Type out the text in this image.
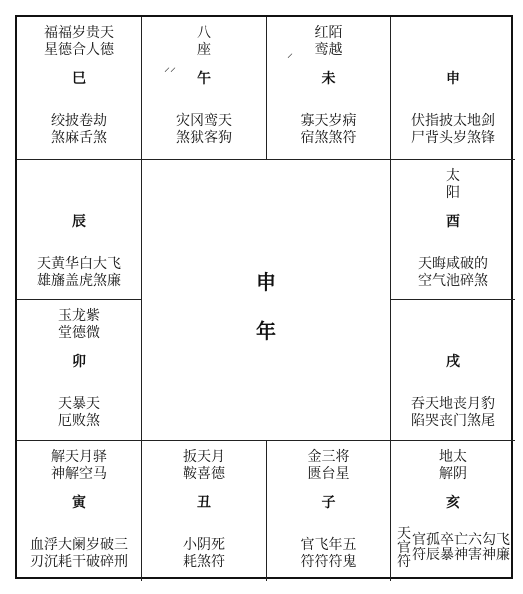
福福岁贵天
星德合人德
巳
绞披卷劫
煞麻舌煞
八
座
⸝⸝
午
灾冈鸾天
煞狱客狗
红陌
鸾越
⸝
未
寡天岁病
宿煞煞符
申
伏指披太地剑
尸背头岁煞锋
辰
天黄华白大飞
雄旛盖虎煞廉	申
年
太
阳
酉
天晦咸破的
空气池碎煞
玉龙紫
堂德微
卯
天暴天
厄败煞
戌
吞天地丧月豹
陷哭丧门煞尾
解天月驿
神解空马
寅
血浮大阑岁破三
刃沉耗干破碎刑
扳天月
鞍喜德
丑
小阴死
耗煞符
金三将
匮台星
子
官飞年五
符符符鬼
地太
解阴
亥
天
官
符
官孤卒亡六勾飞
符辰暴神害神廉
